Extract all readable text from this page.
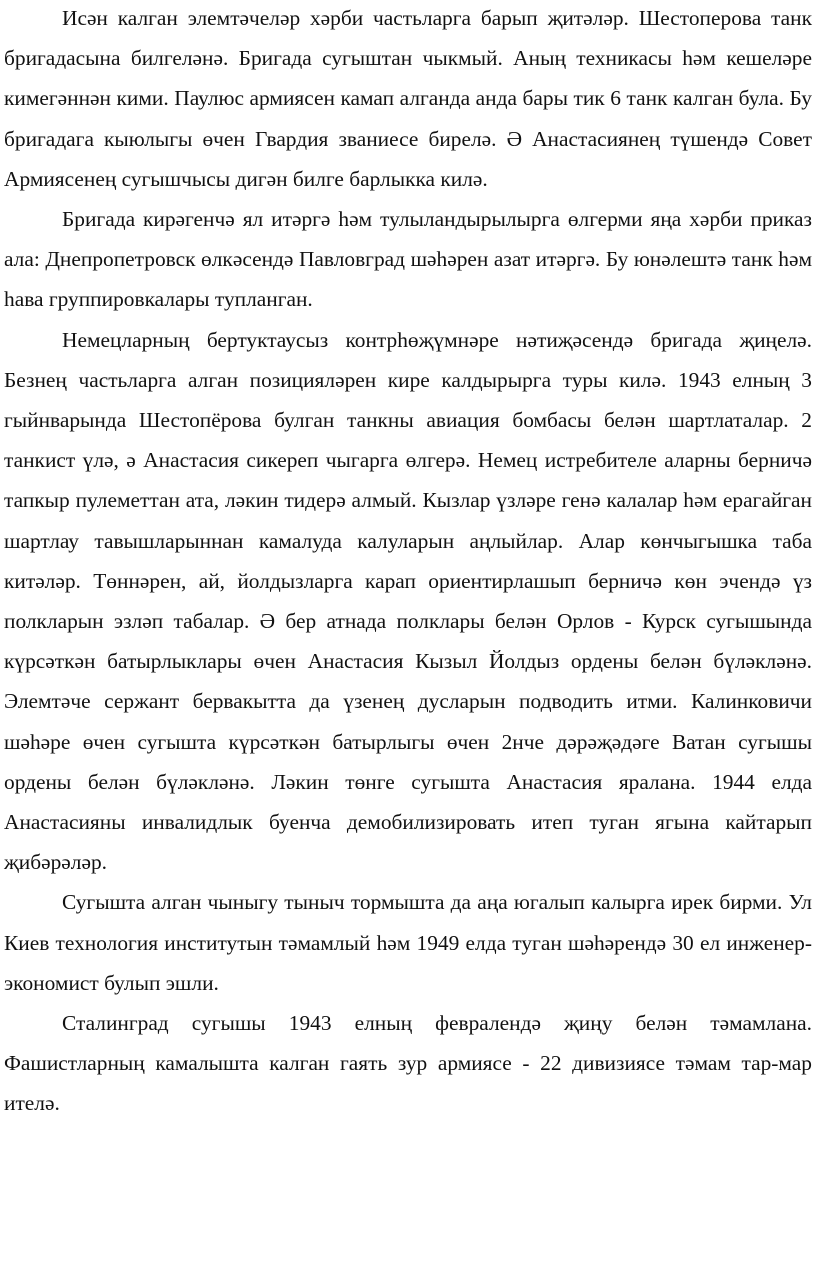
Исән калган элемтәчеләр хәрби частьларга барып җитәләр. Шестоперова танк бригадасына билгеләнә. Бригада сугыштан чыкмый. Аның техникасы һәм кешеләре кимегәннән кими. Паулюс армиясен камап алганда анда бары тик 6 танк калган була. Бу бригадага кыюлыгы өчен Гвардия званиесе бирелә. Ә Анастасиянең түшендә Совет Армиясенең сугышчысы дигән билге барлыкка килә.

Бригада кирәгенчә ял итәргә һәм тулыландырылырга өлгерми яңа хәрби приказ ала: Днепропетровск өлкәсендә Павловград шәһәрен азат итәргә. Бу юнәлештә танк һәм һава группировкалары тупланган.

Немецларның бертуктаусыз контрһөҗүмнәре нәтиҗәсендә бригада җиңелә. Безнең частьларга алган позицияләрен кире калдырырга туры килә. 1943 елның 3 гыйнварында Шестопёрова булган танкны авиация бомбасы белән шартлаталар. 2 танкист үлә, ә Анастасия сикереп чыгарга өлгерә. Немец истребителе аларны берничә тапкыр пулеметтан ата, ләкин тидерә алмый. Кызлар үзләре генә калалар һәм ерагайган шартлау тавышларыннан камалуда калуларын аңлыйлар. Алар көнчыгышка таба китәләр. Төннәрен, ай, йолдызларга карап ориентирлашып берничә көн эчендә үз полкларын эзләп табалар. Ә бер атнада полклары белән Орлов - Курск сугышында күрсәткән батырлыклары өчен Анастасия Кызыл Йолдыз ордены белән бүләкләнә. Элемтәче сержант бервакытта да үзенең дусларын подводить итми. Калинковичи шәһәре өчен сугышта күрсәткән батырлыгы өчен 2нче дәрәҗәдәге Ватан сугышы ордены белән бүләкләнә. Ләкин төнге сугышта Анастасия яралана. 1944 елда Анастасияны инвалидлык буенча демобилизировать итеп туган ягына кайтарып җибәрәләр.

Сугышта алган чыныгу тыныч тормышта да аңа югалып калырга ирек бирми. Ул Киев технология институтын тәмамлый һәм 1949 елда туган шәһәрендә 30 ел инженер-экономист булып эшли.

Сталинград сугышы 1943 елның февралендә җиңу белән тәмамлана. Фашистларның камалышта калган гаять зур армиясе - 22 дивизиясе тәмам тар-мар ителә.
